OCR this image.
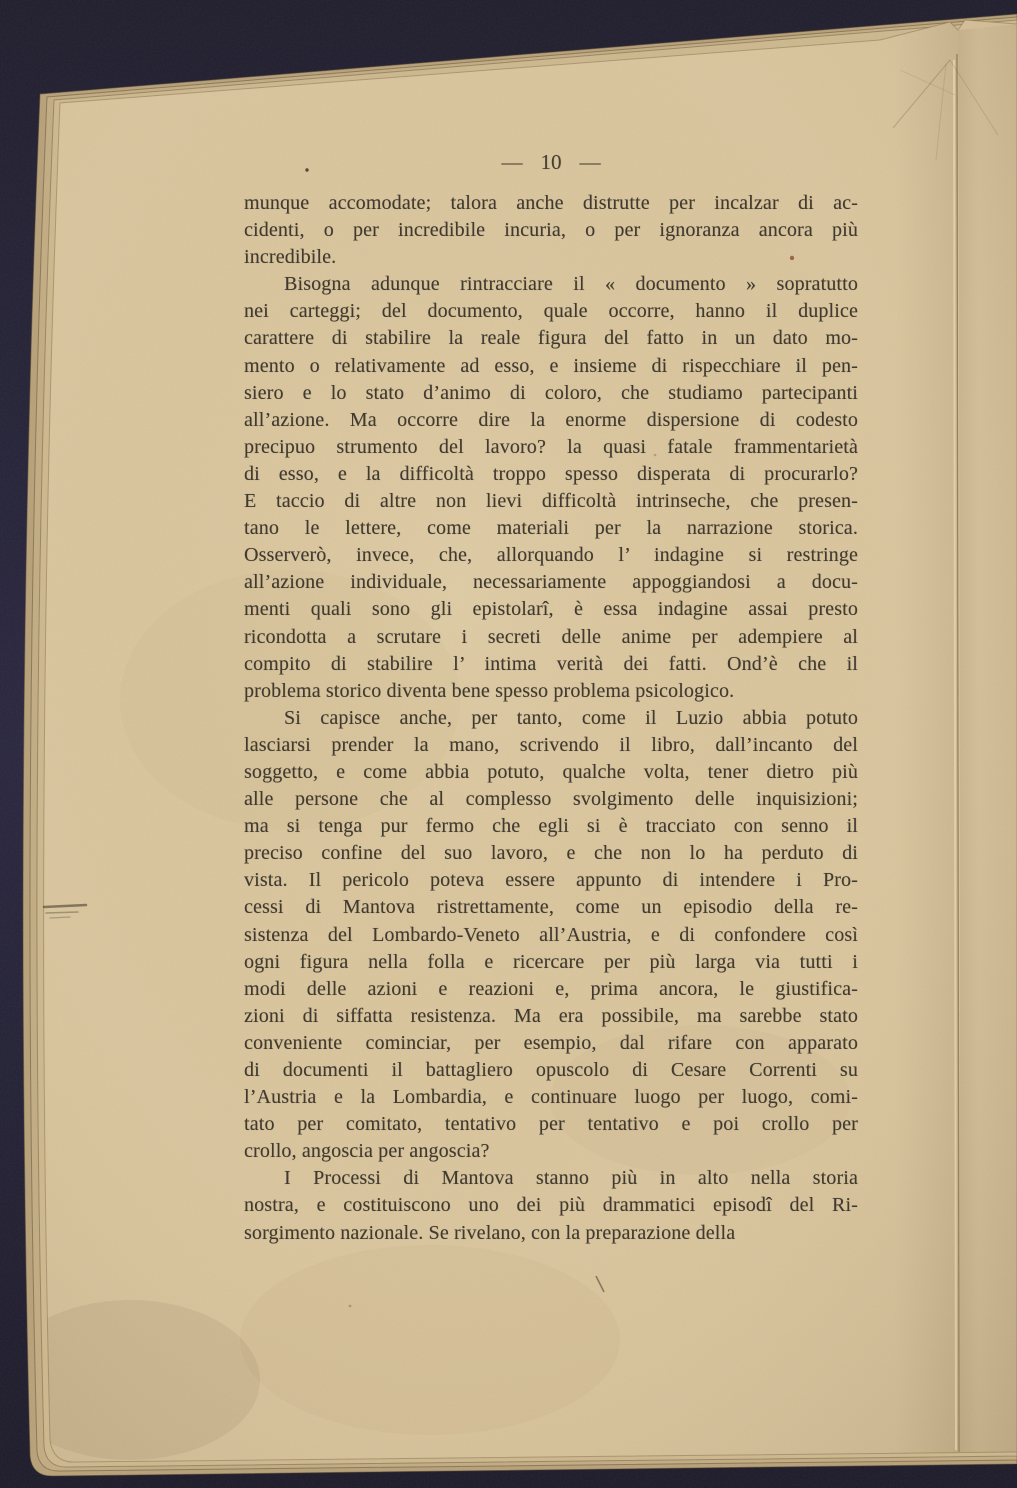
— 10 —
munque accomodate; talora anche distrutte per incalzar di ac-
cidenti, o per incredibile incuria, o per ignoranza ancora più
incredibile.
Bisogna adunque rintracciare il « documento » sopratutto
nei carteggi; del documento, quale occorre, hanno il duplice
carattere di stabilire la reale figura del fatto in un dato mo-
mento o relativamente ad esso, e insieme di rispecchiare il pen-
siero e lo stato d’animo di coloro, che studiamo partecipanti
all’azione. Ma occorre dire la enorme dispersione di codesto
precipuo strumento del lavoro? la quasi fatale frammentarietà
di esso, e la difficoltà troppo spesso disperata di procurarlo?
E taccio di altre non lievi difficoltà intrinseche, che presen-
tano le lettere, come materiali per la narrazione storica.
Osserverò, invece, che, allorquando l’ indagine si restringe
all’azione individuale, necessariamente appoggiandosi a docu-
menti quali sono gli epistolarî, è essa indagine assai presto
ricondotta a scrutare i secreti delle anime per adempiere al
compito di stabilire l’ intima verità dei fatti. Ond’è che il
problema storico diventa bene spesso problema psicologico.
Si capisce anche, per tanto, come il Luzio abbia potuto
lasciarsi prender la mano, scrivendo il libro, dall’incanto del
soggetto, e come abbia potuto, qualche volta, tener dietro più
alle persone che al complesso svolgimento delle inquisizioni;
ma si tenga pur fermo che egli si è tracciato con senno il
preciso confine del suo lavoro, e che non lo ha perduto di
vista. Il pericolo poteva essere appunto di intendere i Pro-
cessi di Mantova ristrettamente, come un episodio della re-
sistenza del Lombardo-Veneto all’Austria, e di confondere così
ogni figura nella folla e ricercare per più larga via tutti i
modi delle azioni e reazioni e, prima ancora, le giustifica-
zioni di siffatta resistenza. Ma era possibile, ma sarebbe stato
conveniente cominciar, per esempio, dal rifare con apparato
di documenti il battagliero opuscolo di Cesare Correnti su
l’Austria e la Lombardia, e continuare luogo per luogo, comi-
tato per comitato, tentativo per tentativo e poi crollo per
crollo, angoscia per angoscia?
I Processi di Mantova stanno più in alto nella storia
nostra, e costituiscono uno dei più drammatici episodî del Ri-
sorgimento nazionale. Se rivelano, con la preparazione della
